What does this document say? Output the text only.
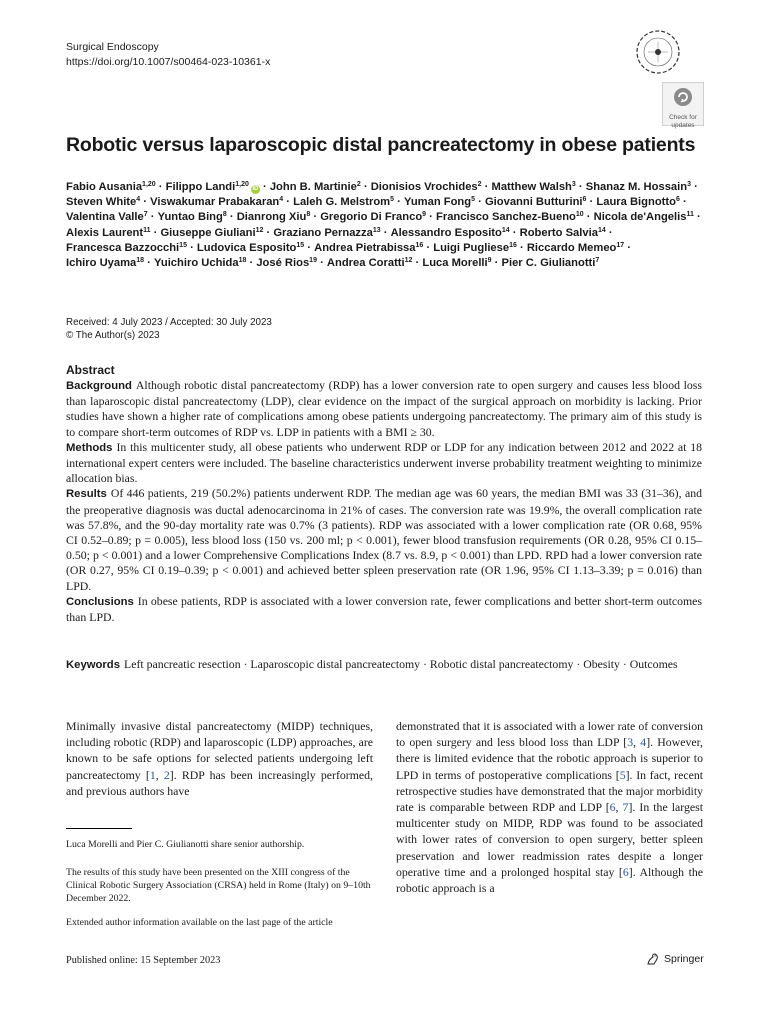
Surgical Endoscopy
https://doi.org/10.1007/s00464-023-10361-x
Check for
updates
Robotic versus laparoscopic distal pancreatectomy in obese patients
Fabio Ausania$^{1,20}$ · Filippo Landi$^{1,20}$iD · John B. Martinie$^2$ · Dionisios Vrochides$^2$ · Matthew Walsh$^3$ · Shanaz M. Hossain$^3$ · Steven White$^4$ · Viswakumar Prabakaran$^4$ · Laleh G. Melstrom$^5$ · Yuman Fong$^5$ · Giovanni Butturini$^6$ · Laura Bignotto$^6$ · Valentina Valle$^7$ · Yuntao Bing$^8$ · Dianrong Xiu$^8$ · Gregorio Di Franco$^9$ · Francisco Sanchez-Bueno$^{10}$ · Nicola de'Angelis$^{11}$ · Alexis Laurent$^{11}$ · Giuseppe Giuliani$^{12}$ · Graziano Pernazza$^{13}$ · Alessandro Esposito$^{14}$ · Roberto Salvia$^{14}$ · Francesca Bazzocchi$^{15}$ · Ludovica Esposito$^{15}$ · Andrea Pietrabissa$^{16}$ · Luigi Pugliese$^{16}$ · Riccardo Memeo$^{17}$ · Ichiro Uyama$^{18}$ · Yuichiro Uchida$^{18}$ · José Rios$^{19}$ · Andrea Coratti$^{12}$ · Luca Morelli$^9$ · Pier C. Giulianotti$^7$
Received: 4 July 2023 / Accepted: 30 July 2023
© The Author(s) 2023
Abstract

Background Although robotic distal pancreatectomy (RDP) has a lower conversion rate to open surgery and causes less blood loss than laparoscopic distal pancreatectomy (LDP), clear evidence on the impact of the surgical approach on morbidity is lacking. Prior studies have shown a higher rate of complications among obese patients undergoing pancreatectomy. The primary aim of this study is to compare short-term outcomes of RDP vs. LDP in patients with a BMI ≥ 30.

Methods In this multicenter study, all obese patients who underwent RDP or LDP for any indication between 2012 and 2022 at 18 international expert centers were included. The baseline characteristics underwent inverse probability treatment weighting to minimize allocation bias.

Results Of 446 patients, 219 (50.2%) patients underwent RDP. The median age was 60 years, the median BMI was 33 (31–36), and the preoperative diagnosis was ductal adenocarcinoma in 21% of cases. The conversion rate was 19.9%, the overall complication rate was 57.8%, and the 90-day mortality rate was 0.7% (3 patients). RDP was associated with a lower complication rate (OR 0.68, 95% CI 0.52–0.89; p = 0.005), less blood loss (150 vs. 200 ml; p < 0.001), fewer blood transfusion requirements (OR 0.28, 95% CI 0.15–0.50; p < 0.001) and a lower Comprehensive Complications Index (8.7 vs. 8.9, p < 0.001) than LPD. RPD had a lower conversion rate (OR 0.27, 95% CI 0.19–0.39; p < 0.001) and achieved better spleen preservation rate (OR 1.96, 95% CI 1.13–3.39; p = 0.016) than LPD.

Conclusions In obese patients, RDP is associated with a lower conversion rate, fewer complications and better short-term outcomes than LPD.

Keywords Left pancreatic resection · Laparoscopic distal pancreatectomy · Robotic distal pancreatectomy · Obesity · Outcomes
Minimally invasive distal pancreatectomy (MIDP) techniques, including robotic (RDP) and laparoscopic (LDP) approaches, are known to be safe options for selected patients undergoing left pancreatectomy [1, 2]. RDP has been increasingly performed, and previous authors have
demonstrated that it is associated with a lower rate of conversion to open surgery and less blood loss than LDP [3, 4]. However, there is limited evidence that the robotic approach is superior to LPD in terms of postoperative complications [5]. In fact, recent retrospective studies have demonstrated that the major morbidity rate is comparable between RDP and LDP [6, 7]. In the largest multicenter study on MIDP, RDP was found to be associated with lower rates of conversion to open surgery, better spleen preservation and lower readmission rates despite a longer operative time and a prolonged hospital stay [6]. Although the robotic approach is a
Luca Morelli and Pier C. Giulianotti share senior authorship.
The results of this study have been presented on the XIII congress of the Clinical Robotic Surgery Association (CRSA) held in Rome (Italy) on 9–10th December 2022.
Extended author information available on the last page of the article
Published online: 15 September 2023	Springer
